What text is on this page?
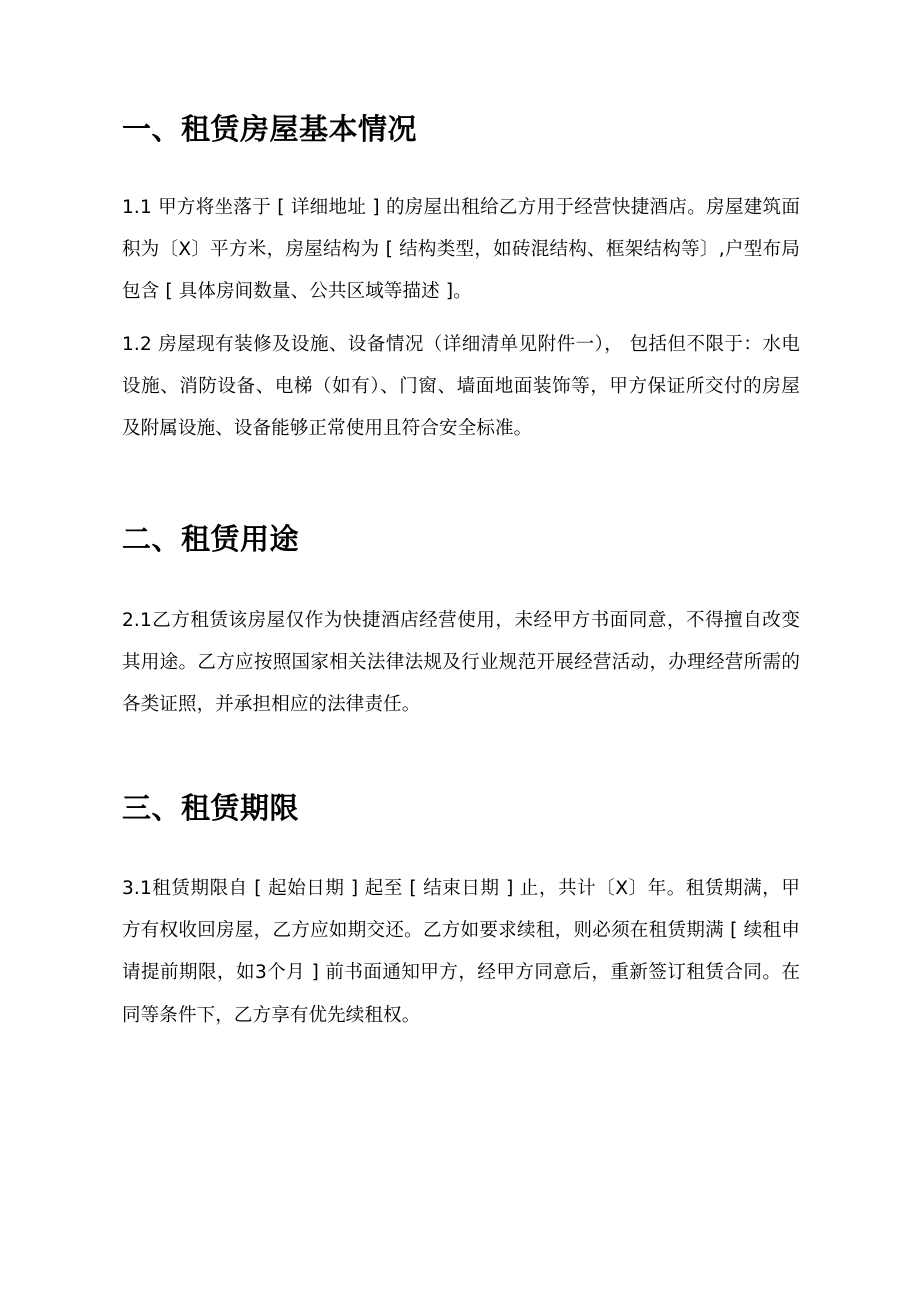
一、租赁房屋基本情况

1.1 甲方将坐落于 [ 详细地址 ] 的房屋出租给乙方用于经营快捷酒店。房屋建筑面积为〔X〕平方米，房屋结构为 [ 结构类型，如砖混结构、框架结构等〕,户型布局包含 [ 具体房间数量、公共区域等描述 ]。

1.2 房屋现有装修及设施、设备情况（详细清单见附件一）， 包括但不限于：水电设施、消防设备、电梯（如有）、门窗、墙面地面装饰等，甲方保证所交付的房屋及附属设施、设备能够正常使用且符合安全标准。

二、租赁用途

2.1乙方租赁该房屋仅作为快捷酒店经营使用，未经甲方书面同意，不得擅自改变其用途。乙方应按照国家相关法律法规及行业规范开展经营活动，办理经营所需的各类证照，并承担相应的法律责任。

三、租赁期限

3.1租赁期限自 [ 起始日期 ] 起至 [ 结束日期 ] 止，共计〔X〕年。租赁期满，甲方有权收回房屋，乙方应如期交还。乙方如要求续租，则必须在租赁期满 [ 续租申请提前期限，如3个月 ] 前书面通知甲方，经甲方同意后，重新签订租赁合同。在同等条件下，乙方享有优先续租权。
